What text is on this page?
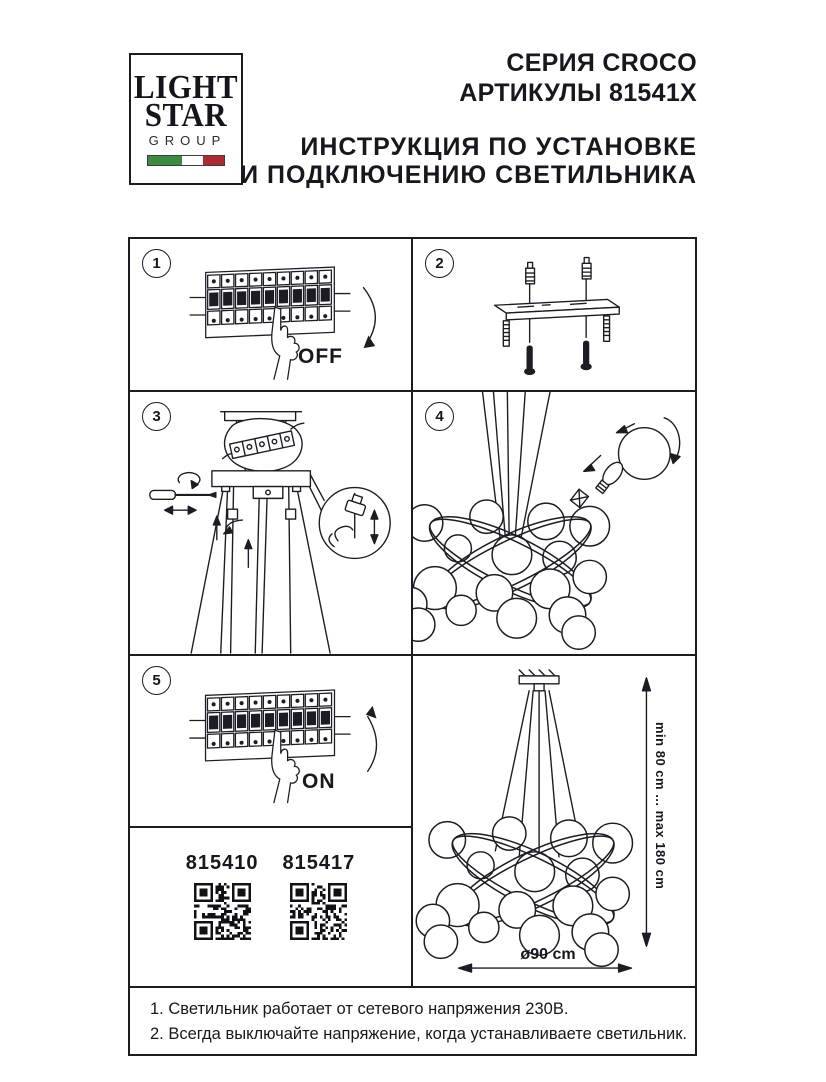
LIGHT
STAR
GROUP
СЕРИЯ CROCO
АРТИКУЛЫ 81541X
ИНСТРУКЦИЯ ПО УСТАНОВКЕ
И ПОДКЛЮЧЕНИЮ СВЕТИЛЬНИКА
1
OFF
2
3	4
5
ON
815410 815417	min 80 cm ... max 180 cm
ø90 cm
1. Светильник работает от сетевого напряжения 230В.
2. Всегда выключайте напряжение, когда устанавливаете светильник.
